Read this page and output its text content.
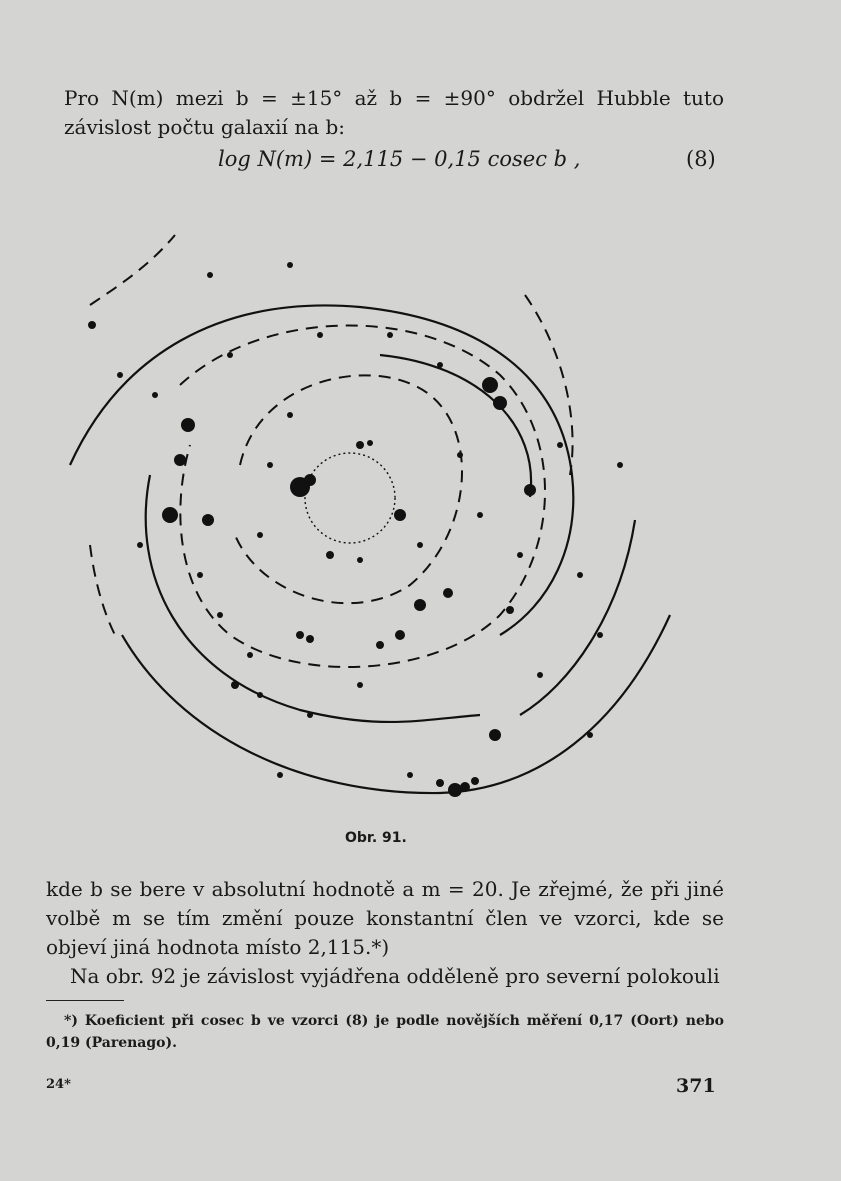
Pro N(m) mezi b = ±15° až b = ±90° obdržel Hubble tuto závislost počtu galaxií na b:
log N(m) = 2,115 − 0,15 cosec b ,	(8)
Obr. 91.

kde b se bere v absolutní hodnotě a m = 20. Je zřejmé, že při jiné volbě m se tím změní pouze konstantní člen ve vzorci, kde se objeví jiná hodnota místo 2,115.*)

Na obr. 92 je závislost vyjádřena odděleně pro severní polokouli

*) Koeficient při cosec b ve vzorci (8) je podle novějších měření 0,17 (Oort) nebo 0,19 (Parenago).
24*	371
